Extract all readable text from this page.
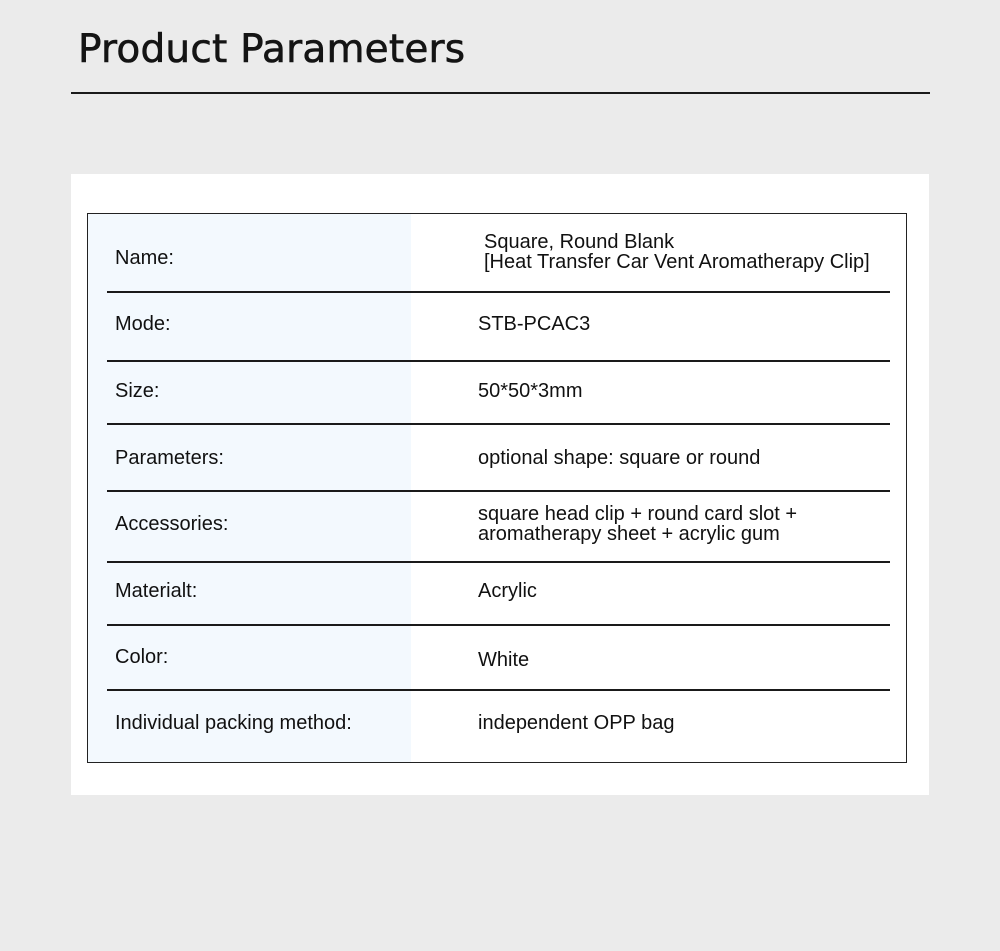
Product Parameters
Name:
Square, Round Blank
[Heat Transfer Car Vent Aromatherapy Clip]
Mode:	STB-PCAC3
Size:	50*50*3mm
Parameters:	optional shape: square or round
Accessories:	square head clip + round card slot +
aromatherapy sheet + acrylic gum
Materialt:	Acrylic
Color:	White
Individual packing method:	independent OPP bag
